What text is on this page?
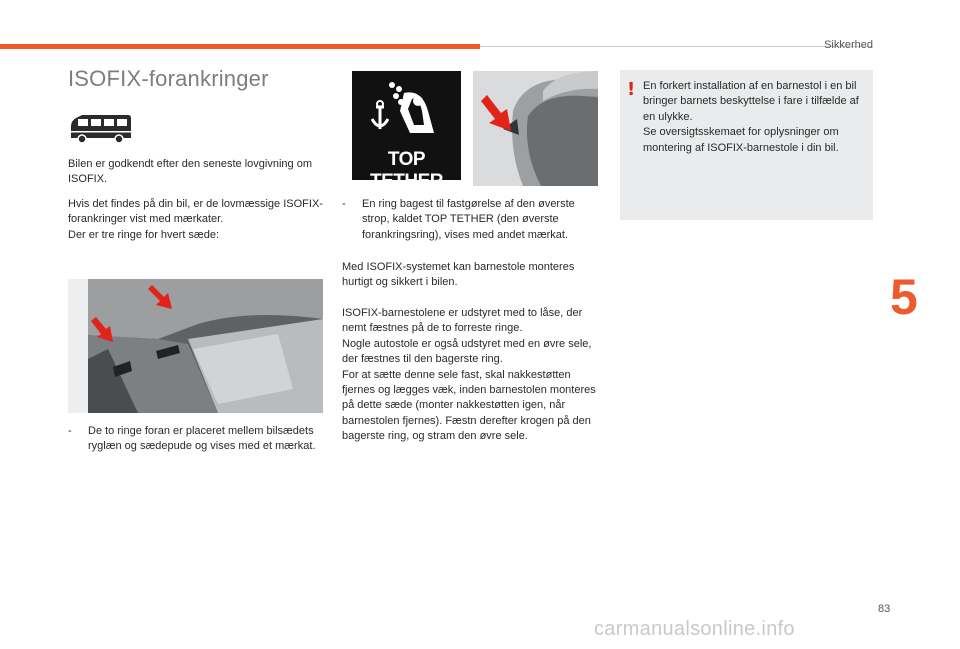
Sikkerhed
ISOFIX-forankringer
Bilen er godkendt efter den seneste lovgivning om ISOFIX.
Hvis det findes på din bil, er de lovmæssige ISOFIX-forankringer vist med mærkater.
Der er tre ringe for hvert sæde:
-	De to ringe foran er placeret mellem bilsædets ryglæn og sædepude og vises med et mærkat.
TOP TETHER
-	En ring bagest til fastgørelse af den øverste strop, kaldet TOP TETHER (den øverste forankringsring), vises med andet mærkat.
Med ISOFIX-systemet kan barnestole monteres hurtigt og sikkert i bilen.
ISOFIX-barnestolene er udstyret med to låse, der nemt fæstnes på de to forreste ringe.
Nogle autostole er også udstyret med en øvre sele, der fæstnes til den bagerste ring.
For at sætte denne sele fast, skal nakkestøtten fjernes og lægges væk, inden barnestolen monteres på dette sæde (monter nakkestøtten igen, når barnestolen fjernes). Fæstn derefter krogen på den bagerste ring, og stram den øvre sele.
! En forkert installation af en barnestol i en bil bringer barnets beskyttelse i fare i tilfælde af en ulykke.
Se oversigtsskemaet for oplysninger om montering af ISOFIX-barnestole i din bil.
5
83
carmanualsonline.info
